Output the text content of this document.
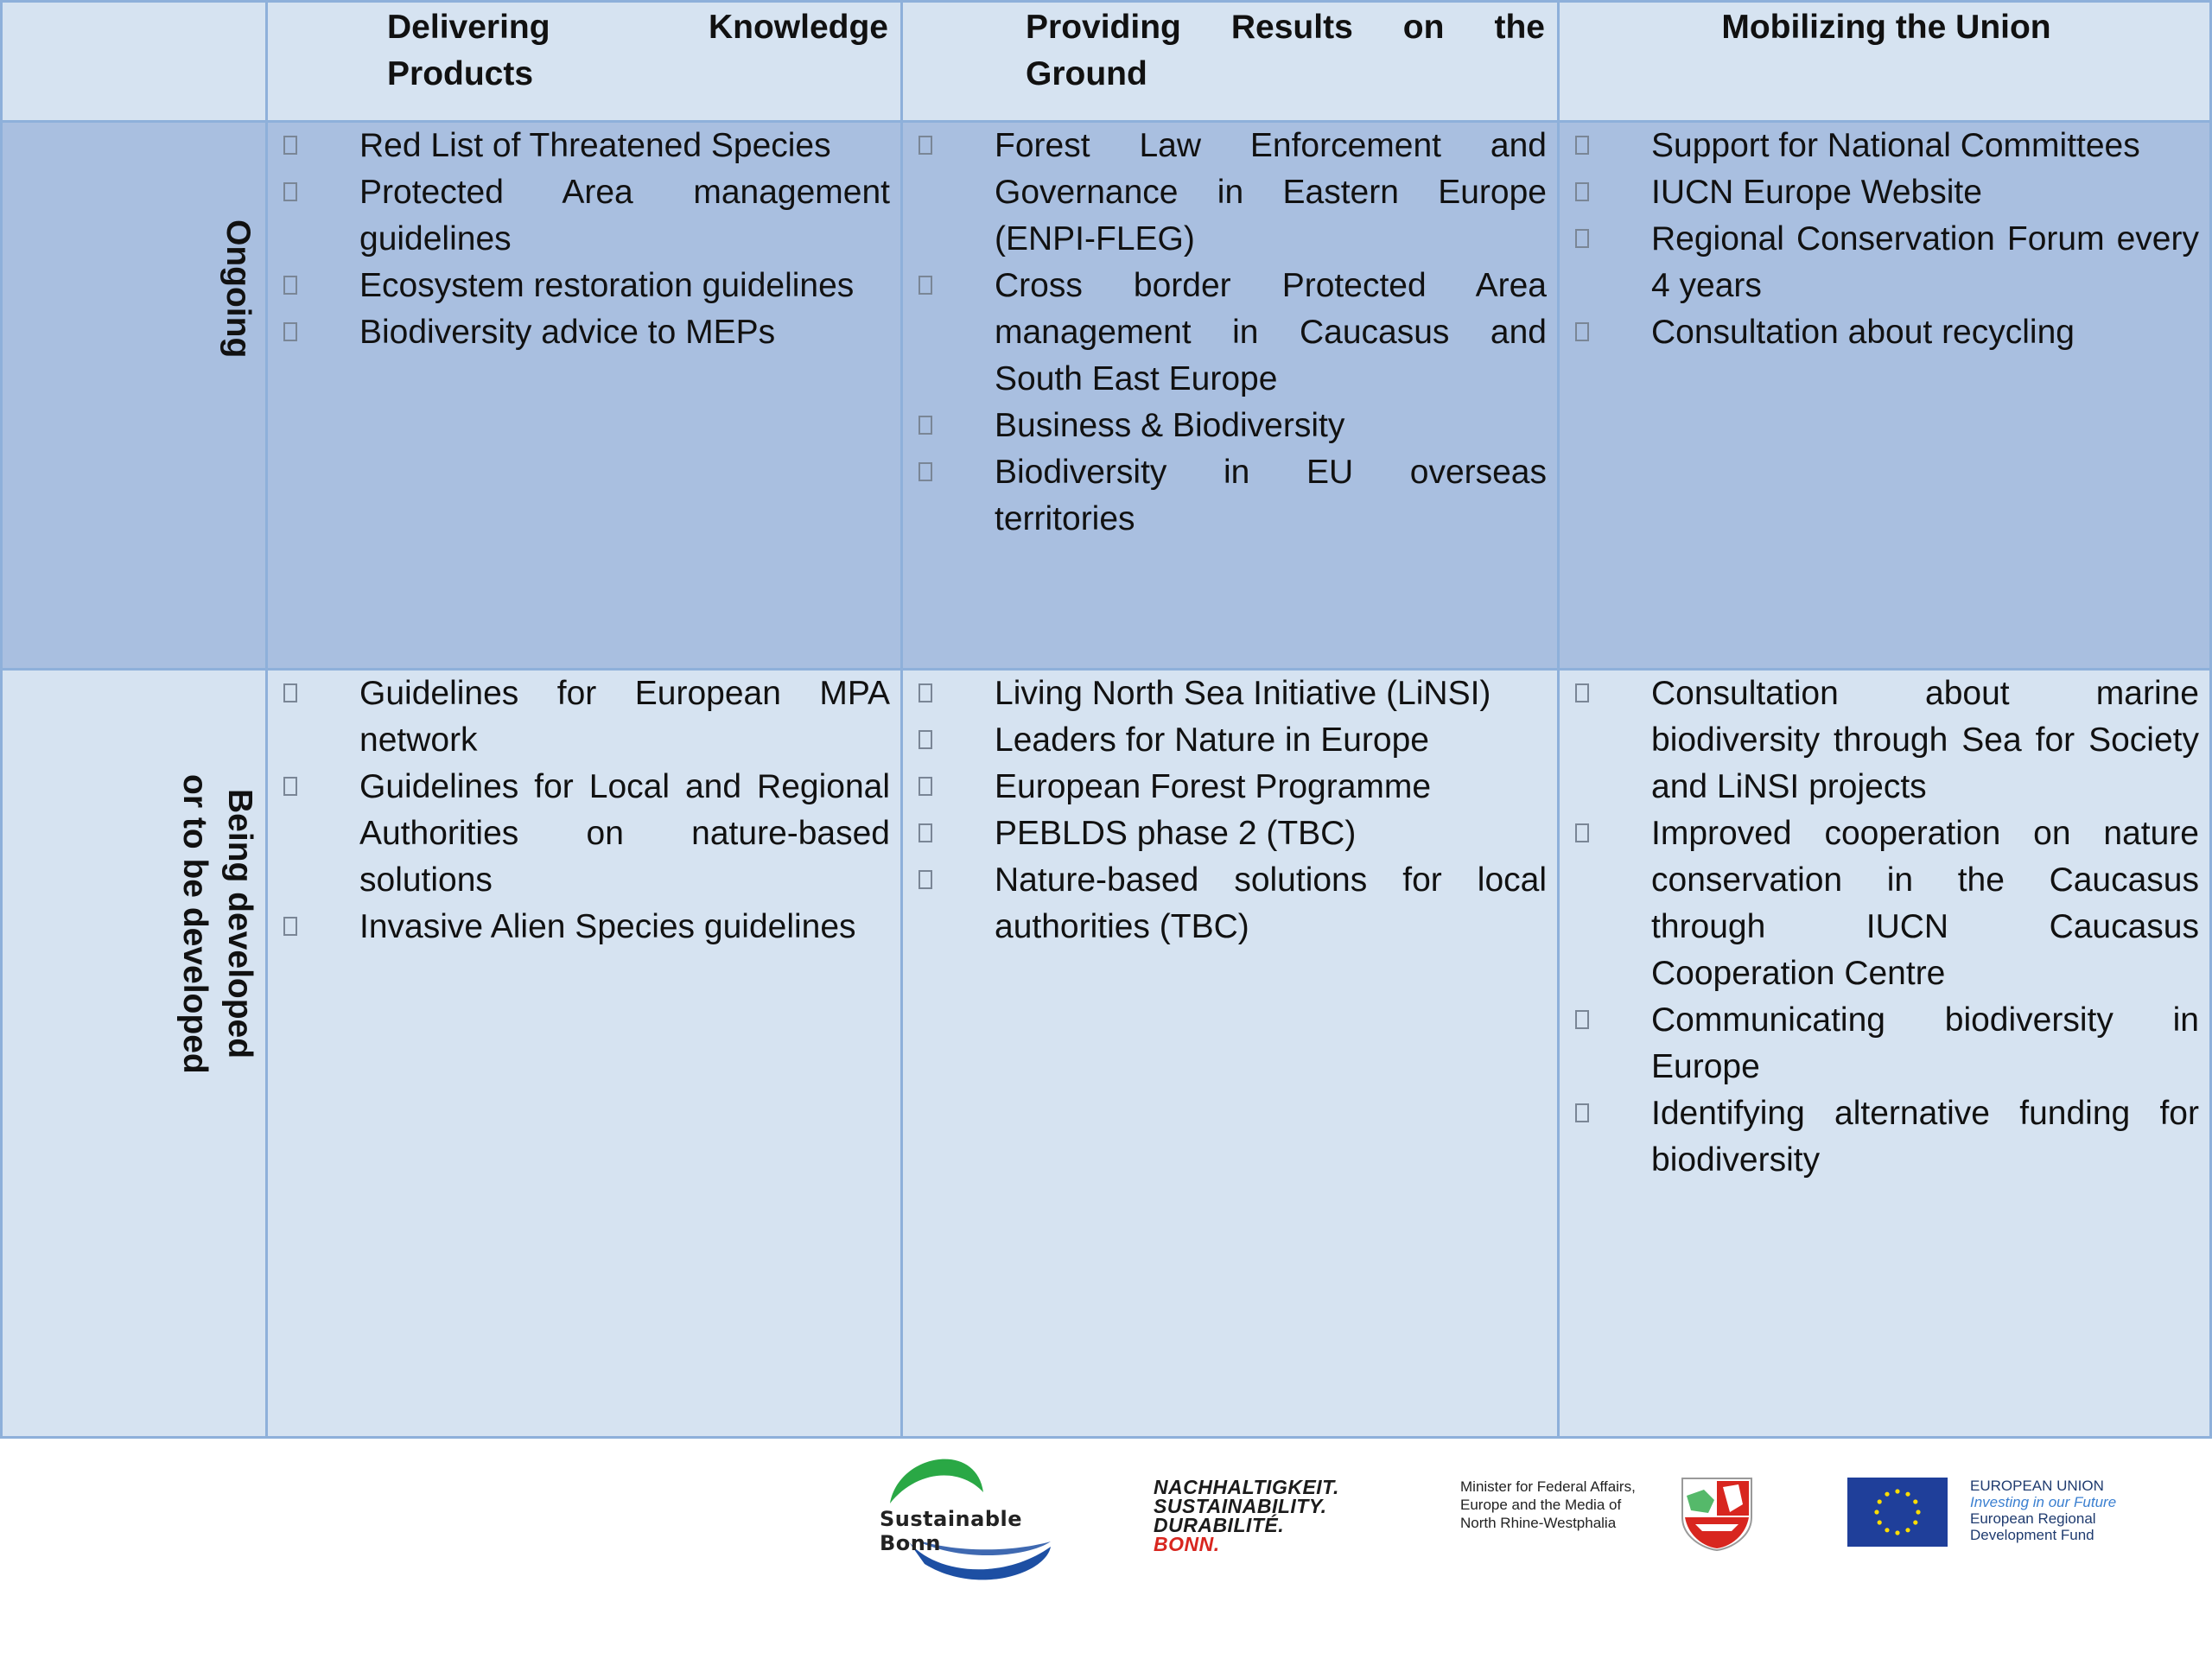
Delivering Knowledge Products
Providing Results on the Ground
Mobilizing the Union
Ongoing
Red List of Threatened Species
Protected Area management guidelines
Ecosystem restoration guidelines
Biodiversity advice to MEPs
Forest Law Enforcement and Governance in Eastern Europe (ENPI-FLEG)
Cross border Protected Area management in Caucasus and South East Europe
Business & Biodiversity
Biodiversity in EU overseas territories
Support for National Committees
IUCN Europe Website
Regional Conservation Forum every 4 years
Consultation about recycling
Being developed
or to be developed
Guidelines for European MPA network
Guidelines for Local and Regional Authorities on nature-based solutions
Invasive Alien Species guidelines
Living North Sea Initiative (LiNSI)
Leaders for Nature in Europe
European Forest Programme
PEBLDS phase 2 (TBC)
Nature-based solutions for local authorities (TBC)
Consultation about marine biodiversity through Sea for Society and LiNSI projects
Improved cooperation on nature conservation in the Caucasus through IUCN Caucasus Cooperation Centre
Communicating biodiversity in Europe
Identifying alternative funding for biodiversity
Sustainable Bonn
NACHHALTIGKEIT.
SUSTAINABILITY.
DURABILITÉ.
BONN.
Minister for Federal Affairs,
Europe and the Media of
North Rhine-Westphalia
EUROPEAN UNION
Investing in our Future
European Regional
Development Fund
